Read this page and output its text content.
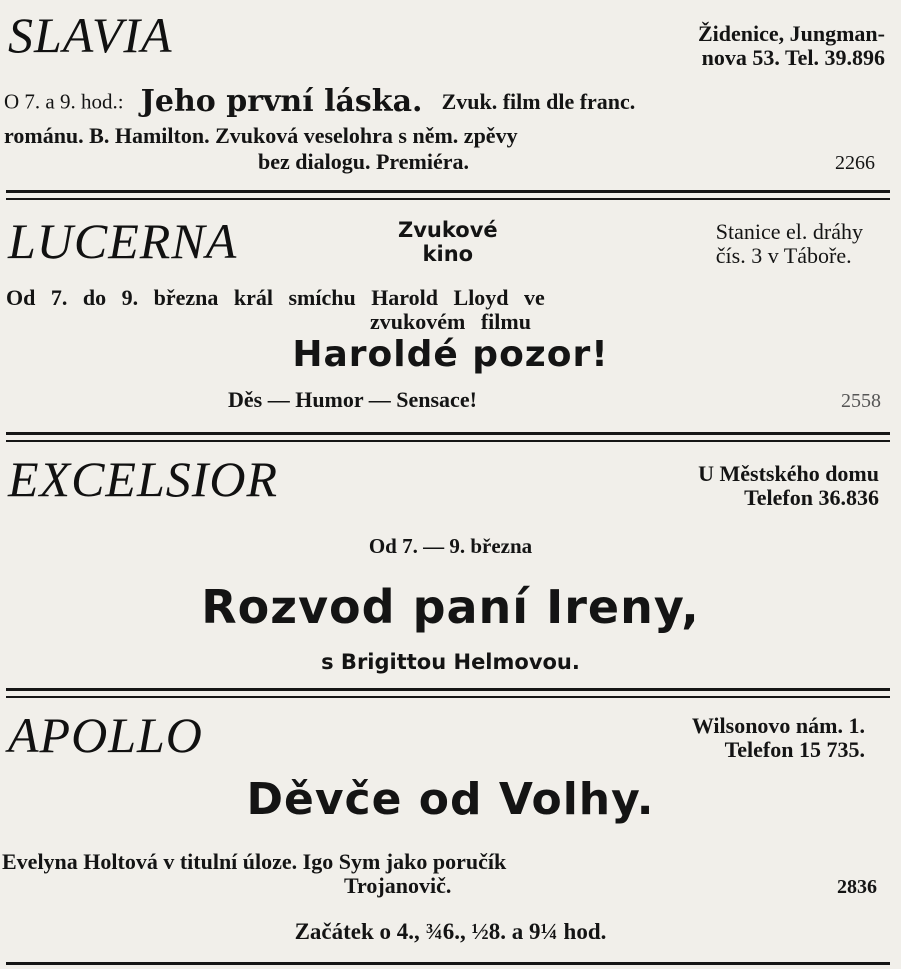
SLAVIA	Židenice, Jungman-
nova 53. Tel. 39.896
O 7. a 9. hod.: Jeho první láska. Zvuk. film dle franc.
románu. B. Hamilton. Zvuková veselohra s něm. zpěvy
bez dialogu. Premiéra.	2266
LUCERNA	Zvukové
kino
Stanice el. dráhy
čís. 3 v Táboře.
Od 7. do 9. března král smíchu Harold Lloyd ve
zvukovém filmu
Haroldé pozor!
Děs — Humor — Sensace!	2558
EXCELSIOR	U Městského domu
Telefon 36.836
Od 7. — 9. března
Rozvod paní Ireny,
s Brigittou Helmovou.
APOLLO	Wilsonovo nám. 1.
Telefon 15 735.
Děvče od Volhy.
Evelyna Holtová v titulní úloze. Igo Sym jako poručík
Trojanovič.	2836
Začátek o 4., ¾6., ½8. a 9¼ hod.
